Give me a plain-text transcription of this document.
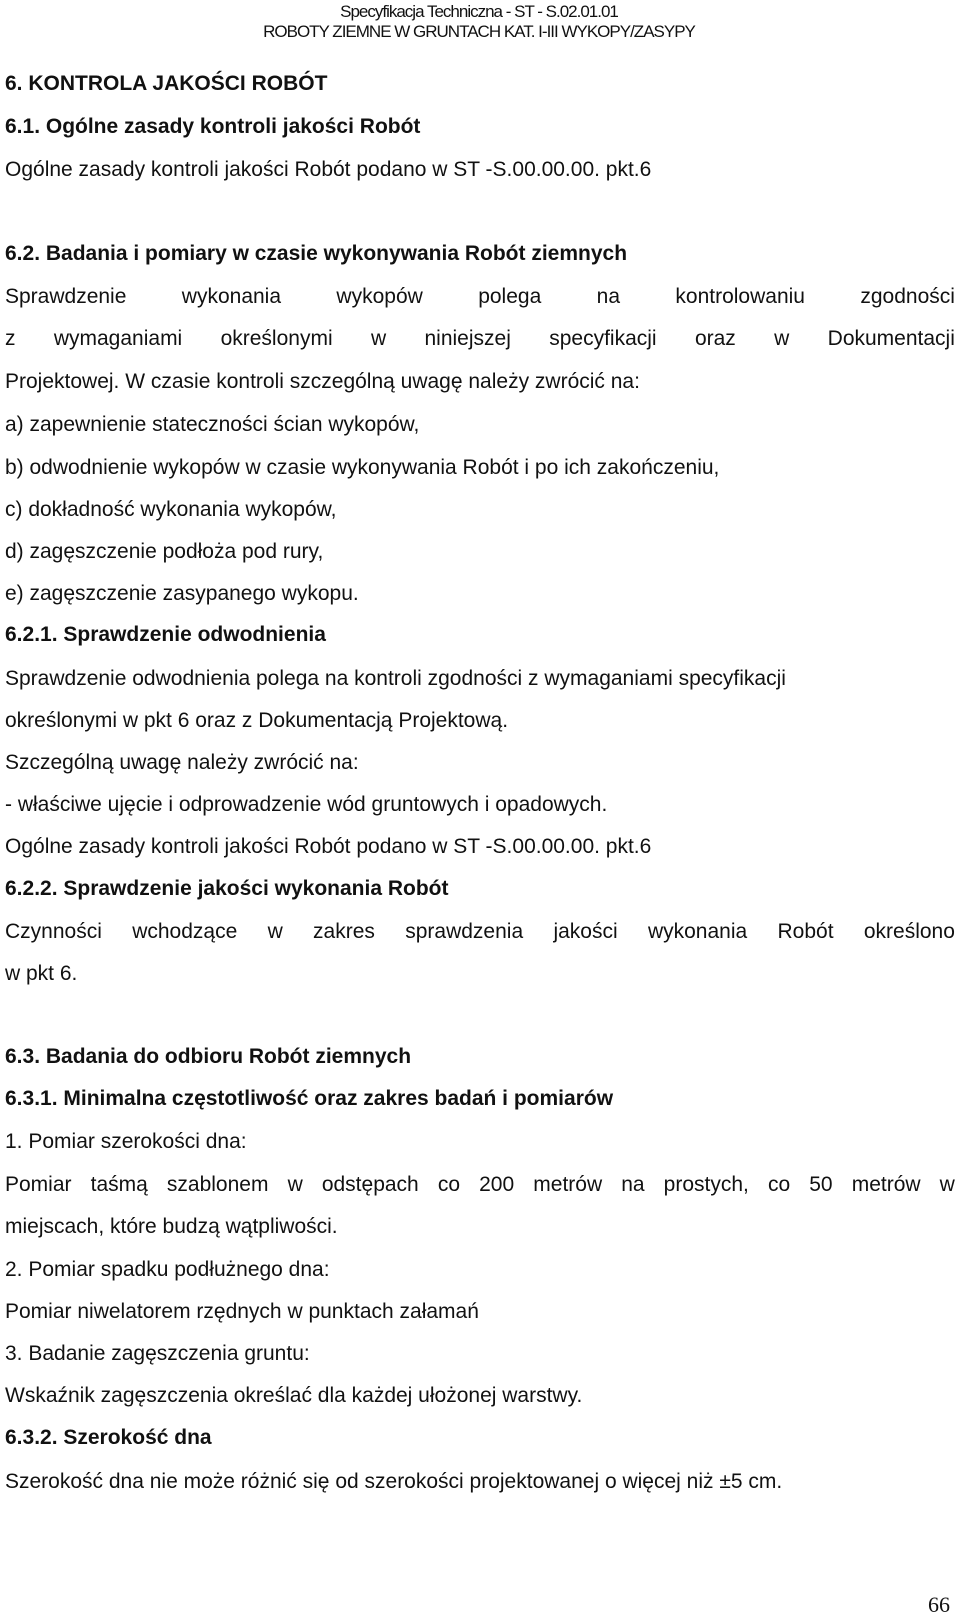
Specyfikacja Techniczna - ST - S.02.01.01
ROBOTY ZIEMNE W GRUNTACH KAT. I-III WYKOPY/ZASYPY
6. KONTROLA JAKOŚCI ROBÓT
6.1. Ogólne zasady kontroli jakości Robót
Ogólne zasady kontroli jakości Robót podano w ST -S.00.00.00. pkt.6
6.2. Badania i pomiary w czasie wykonywania Robót ziemnych
Sprawdzenie	wykonania	wykopów	polega	na	kontrolowaniu	zgodności
z wymaganiami określonymi w niniejszej specyfikacji oraz w Dokumentacji
Projektowej. W czasie kontroli szczególną uwagę należy zwrócić na:
a) zapewnienie stateczności ścian wykopów,
b) odwodnienie wykopów w czasie wykonywania Robót i po ich zakończeniu,
c) dokładność wykonania wykopów,
d) zagęszczenie podłoża pod rury,
e) zagęszczenie zasypanego wykopu.
6.2.1. Sprawdzenie odwodnienia
Sprawdzenie odwodnienia polega na kontroli zgodności z wymaganiami specyfikacji
określonymi w pkt 6 oraz z Dokumentacją Projektową.
Szczególną uwagę należy zwrócić na:
- właściwe ujęcie i odprowadzenie wód gruntowych i opadowych.
Ogólne zasady kontroli jakości Robót podano w ST -S.00.00.00. pkt.6
6.2.2. Sprawdzenie jakości wykonania Robót
Czynności wchodzące w zakres sprawdzenia jakości wykonania Robót określono
w pkt 6.
6.3. Badania do odbioru Robót ziemnych
6.3.1. Minimalna częstotliwość oraz zakres badań i pomiarów
1. Pomiar szerokości dna:
Pomiar taśmą szablonem w odstępach co 200 metrów na prostych, co 50 metrów w
miejscach, które budzą wątpliwości.
2. Pomiar spadku podłużnego dna:
Pomiar niwelatorem rzędnych w punktach załamań
3. Badanie zagęszczenia gruntu:
Wskaźnik zagęszczenia określać dla każdej ułożonej warstwy.
6.3.2. Szerokość dna
Szerokość dna nie może różnić się od szerokości projektowanej o więcej niż ±5 cm.
66
